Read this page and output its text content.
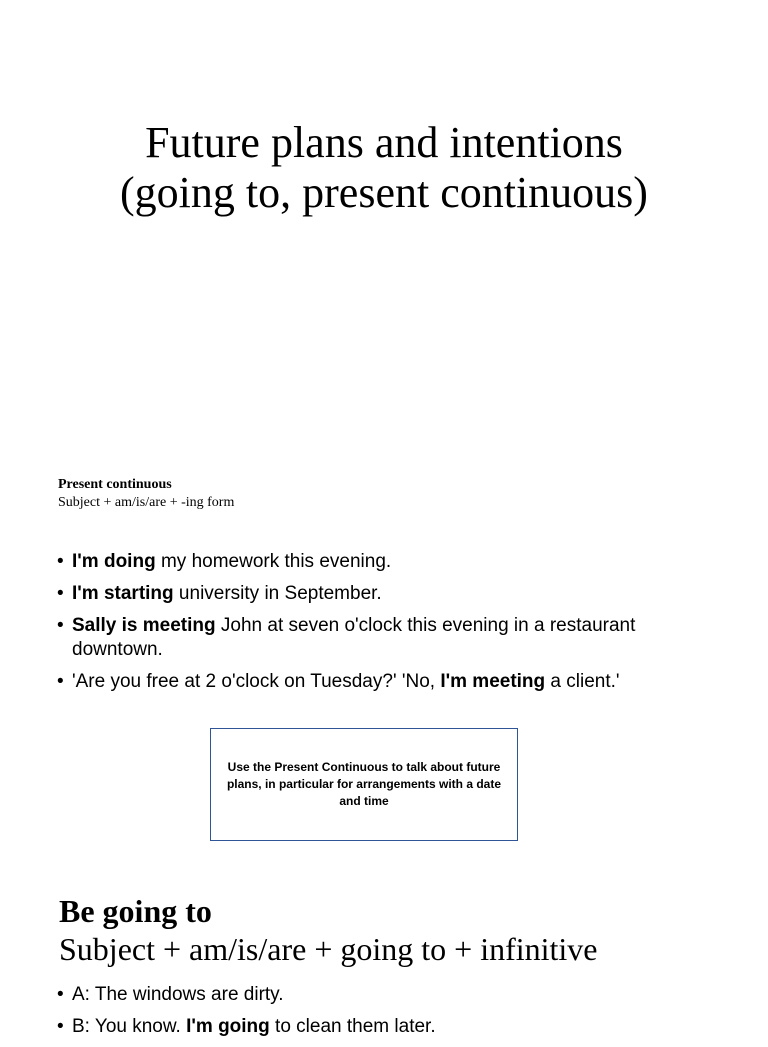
Future plans and intentions
(going to, present continuous)
Present continuous
Subject + am/is/are + -ing form
• I'm doing my homework this evening.
• I'm starting university in September.
• Sally is meeting John at seven o'clock this evening in a restaurant downtown.
• 'Are you free at 2 o'clock on Tuesday?' 'No, I'm meeting a client.'
Use the Present Continuous to talk about future plans, in particular for arrangements with a date and time
Be going to
Subject + am/is/are + going to + infinitive
• A: The windows are dirty.
• B: You know. I'm going to clean them later.
